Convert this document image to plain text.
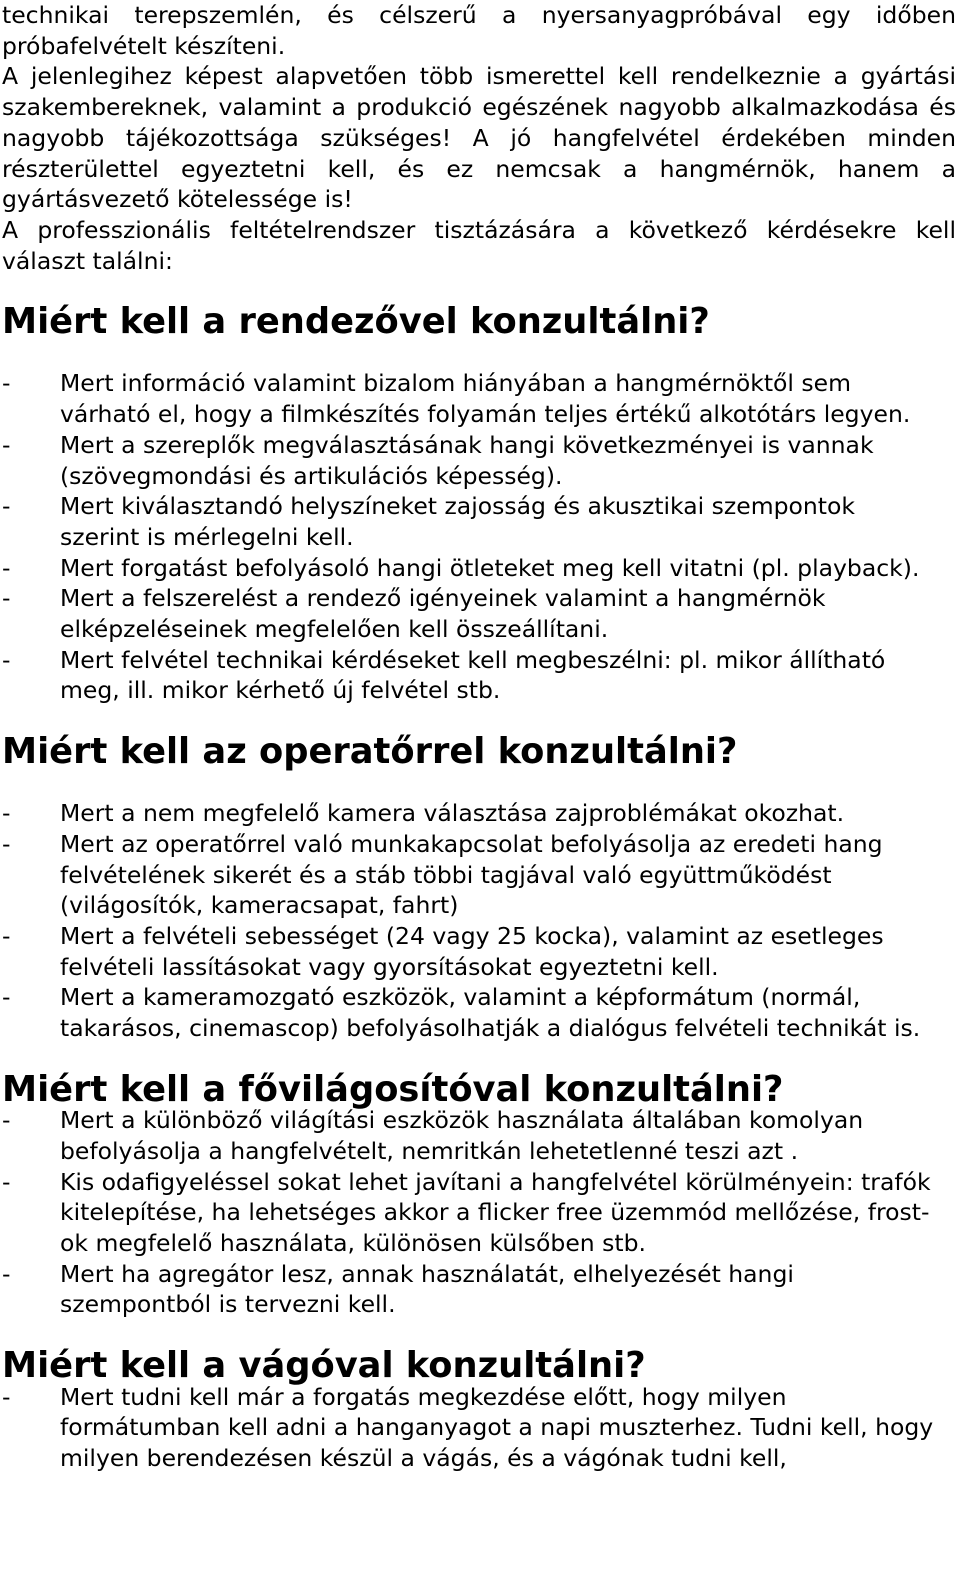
technikai terepszemlén, és célszerű a nyersanyagpróbával egy időben próbafelvételt készíteni.

A jelenlegihez képest alapvetően több ismerettel kell rendelkeznie a gyártási szakembereknek, valamint a produkció egészének nagyobb alkalmazkodása és nagyobb tájékozottsága szükséges! A jó hangfelvétel érdekében minden részterülettel egyeztetni kell, és ez nemcsak a hangmérnök, hanem a gyártásvezető kötelessége is!

A professzionális feltételrendszer tisztázására a következő kérdésekre kell választ találni:

Miért kell a rendezővel konzultálni?
- Mert információ valamint bizalom hiányában a hangmérnöktől sem várható el, hogy a filmkészítés folyamán teljes értékű alkotótárs legyen.
- Mert a szereplők megválasztásának hangi következményei is vannak (szövegmondási és artikulációs képesség).
- Mert kiválasztandó helyszíneket zajosság és akusztikai szempontok szerint is mérlegelni kell.
- Mert forgatást befolyásoló hangi ötleteket meg kell vitatni (pl. playback).
- Mert a felszerelést a rendező igényeinek valamint a hangmérnök elképzeléseinek megfelelően kell összeállítani.
- Mert felvétel technikai kérdéseket kell megbeszélni: pl. mikor állítható meg, ill. mikor kérhető új felvétel stb.
Miért kell az operatőrrel konzultálni?
- Mert a nem megfelelő kamera választása zajproblémákat okozhat.
- Mert az operatőrrel való munkakapcsolat befolyásolja az eredeti hang felvételének sikerét és a stáb többi tagjával való együttműködést (világosítók, kameracsapat, fahrt)
- Mert a felvételi sebességet (24 vagy 25 kocka), valamint az esetleges felvételi lassításokat vagy gyorsításokat egyeztetni kell.
- Mert a kameramozgató eszközök, valamint a képformátum (normál, takarásos, cinemascop) befolyásolhatják a dialógus felvételi technikát is.
Miért kell a fővilágosítóval konzultálni?
- Mert a különböző világítási eszközök használata általában komolyan befolyásolja a hangfelvételt, nemritkán lehetetlenné teszi azt .
- Kis odafigyeléssel sokat lehet javítani a hangfelvétel körülményein: trafók kitelepítése, ha lehetséges akkor a flicker free üzemmód mellőzése, frost-ok megfelelő használata, különösen külsőben stb.
- Mert ha agregátor lesz, annak használatát, elhelyezését hangi szempontból is tervezni kell.
Miért kell a vágóval konzultálni?
- Mert tudni kell már a forgatás megkezdése előtt, hogy milyen formátumban kell adni a hanganyagot a napi muszterhez. Tudni kell, hogy milyen berendezésen készül a vágás, és a vágónak tudni kell,
